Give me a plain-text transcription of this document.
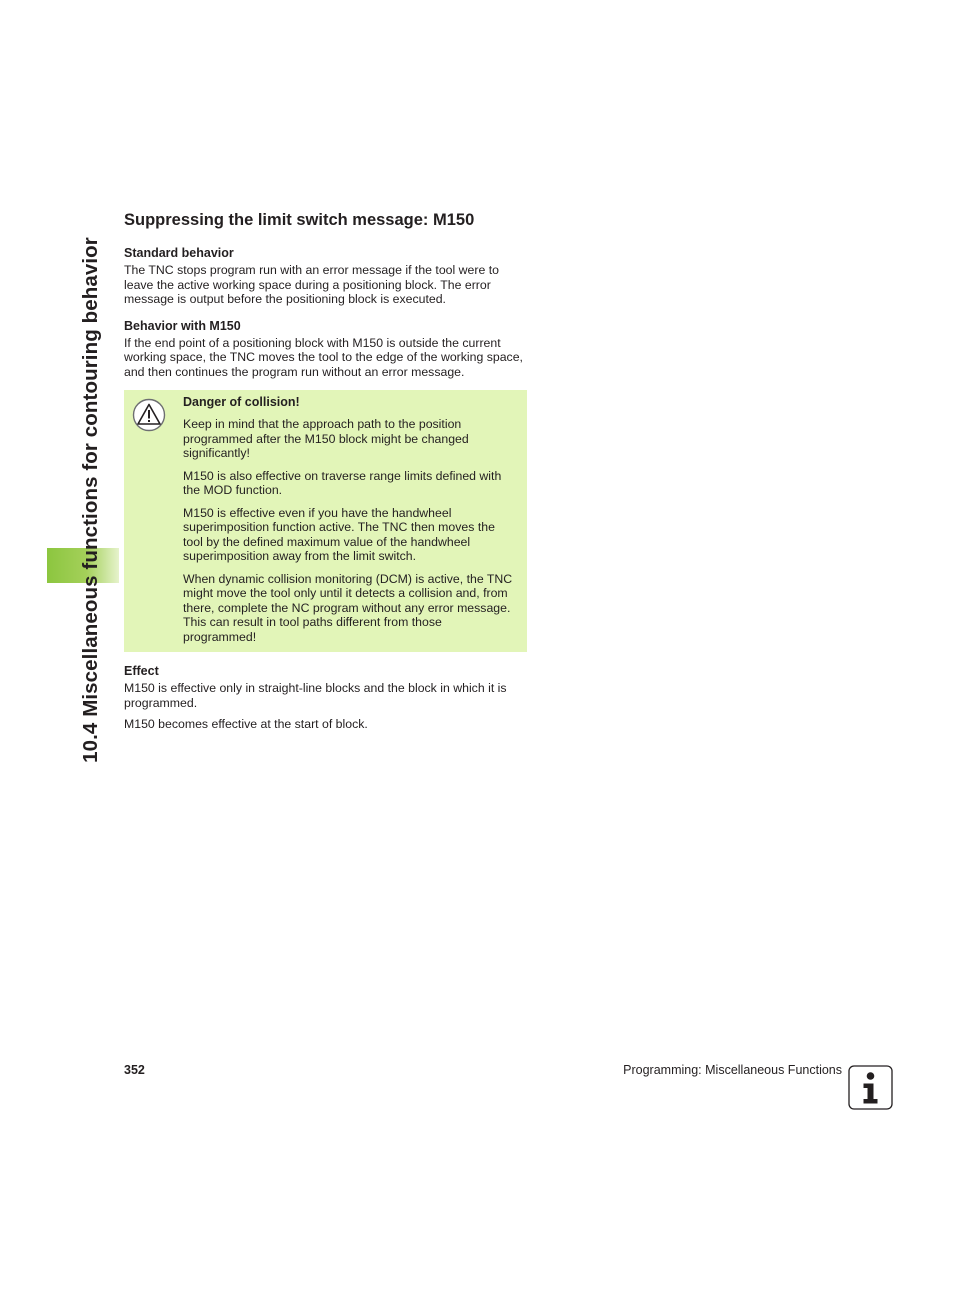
10.4 Miscellaneous functions for contouring behavior
Suppressing the limit switch message: M150
Standard behavior

The TNC stops program run with an error message if the tool were to leave the active working space during a positioning block. The error message is output before the positioning block is executed.

Behavior with M150

If the end point of a positioning block with M150 is outside the current working space, the TNC moves the tool to the edge of the working space, and then continues the program run without an error message.

Danger of collision!

Keep in mind that the approach path to the position programmed after the M150 block might be changed significantly!

M150 is also effective on traverse range limits defined with the MOD function.

M150 is effective even if you have the handwheel superimposition function active. The TNC then moves the tool by the defined maximum value of the handwheel superimposition away from the limit switch.

When dynamic collision monitoring (DCM) is active, the TNC might move the tool only until it detects a collision and, from there, complete the NC program without any error message. This can result in tool paths different from those programmed!

Effect

M150 is effective only in straight-line blocks and the block in which it is programmed.

M150 becomes effective at the start of block.

352	Programming: Miscellaneous Functions
